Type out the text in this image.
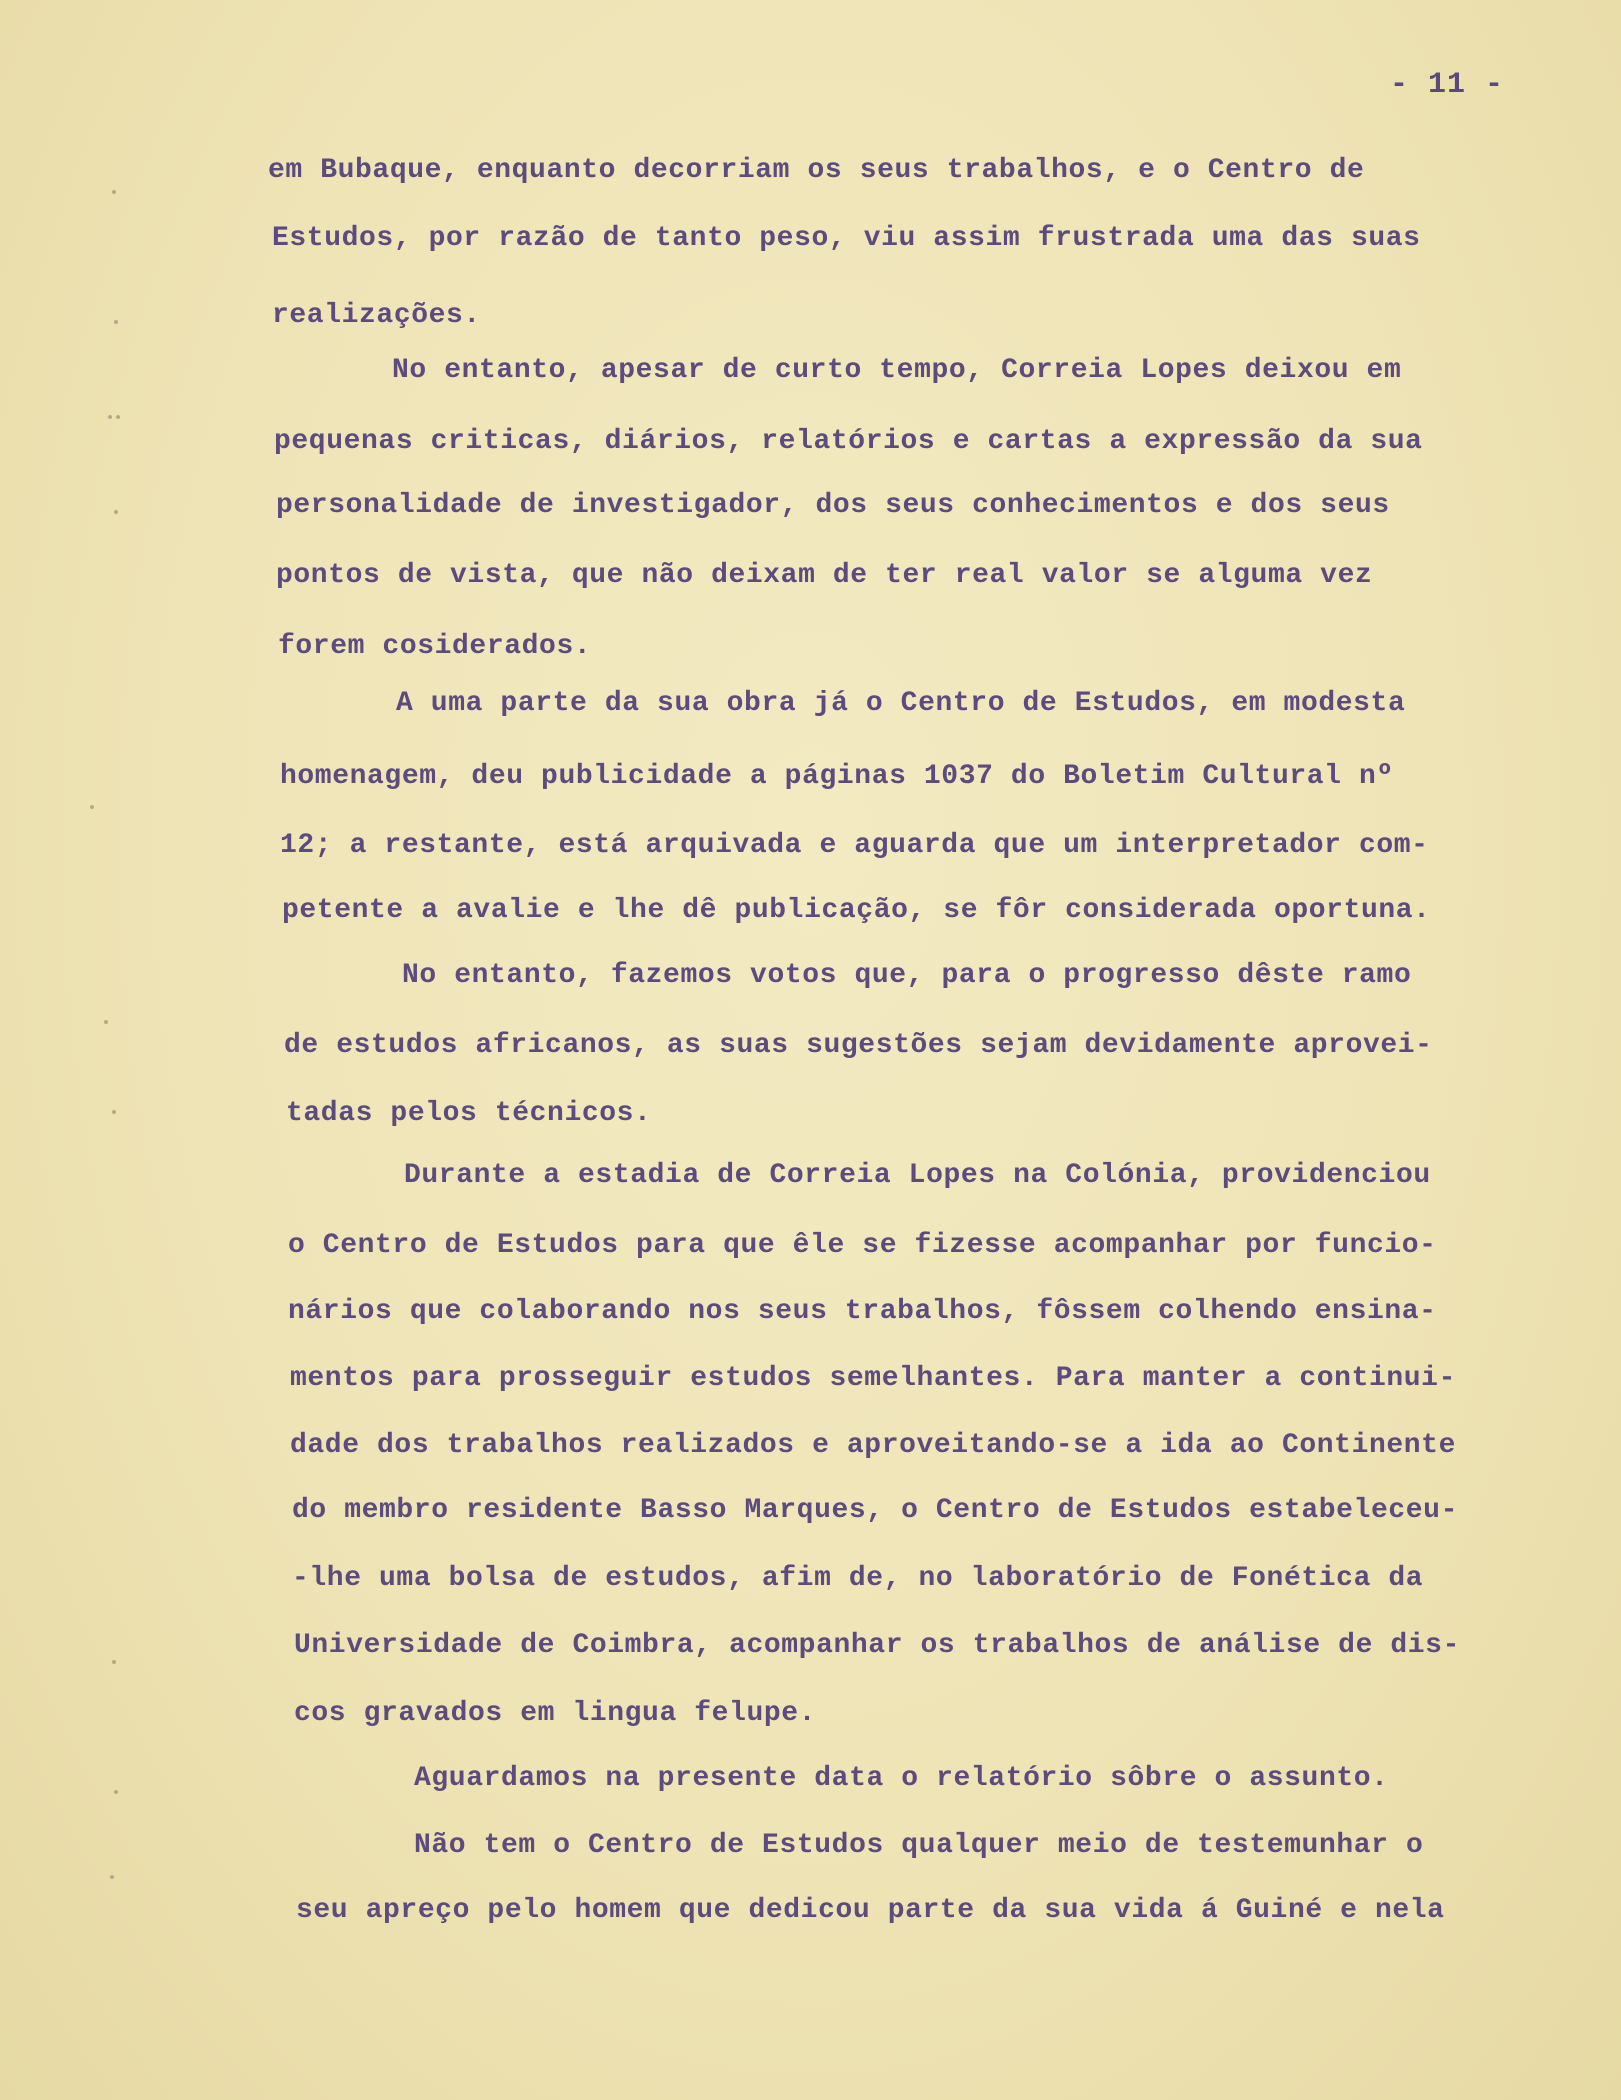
- 11 -
em Bubaque, enquanto decorriam os seus trabalhos, e o Centro de
Estudos, por razão de tanto peso, viu assim frustrada uma das suas
realizações.
No entanto, apesar de curto tempo, Correia Lopes deixou em
pequenas criticas, diários, relatórios e cartas a expressão da sua
personalidade de investigador, dos seus conhecimentos e dos seus
pontos de vista, que não deixam de ter real valor se alguma vez
forem cosiderados.
A uma parte da sua obra já o Centro de Estudos, em modesta
homenagem, deu publicidade a páginas 1037 do Boletim Cultural nº
12; a restante, está arquivada e aguarda que um interpretador com-
petente a avalie e lhe dê publicação, se fôr considerada oportuna.
No entanto, fazemos votos que, para o progresso dêste ramo
de estudos africanos, as suas sugestões sejam devidamente aprovei-
tadas pelos técnicos.
Durante a estadia de Correia Lopes na Colónia, providenciou
o Centro de Estudos para que êle se fizesse acompanhar por funcio-
nários que colaborando nos seus trabalhos, fôssem colhendo ensina-
mentos para prosseguir estudos semelhantes. Para manter a continui-
dade dos trabalhos realizados e aproveitando-se a ida ao Continente
do membro residente Basso Marques, o Centro de Estudos estabeleceu-
-lhe uma bolsa de estudos, afim de, no laboratório de Fonética da
Universidade de Coimbra, acompanhar os trabalhos de análise de dis-
cos gravados em lingua felupe.
Aguardamos na presente data o relatório sôbre o assunto.
Não tem o Centro de Estudos qualquer meio de testemunhar o
seu apreço pelo homem que dedicou parte da sua vida á Guiné e nela
